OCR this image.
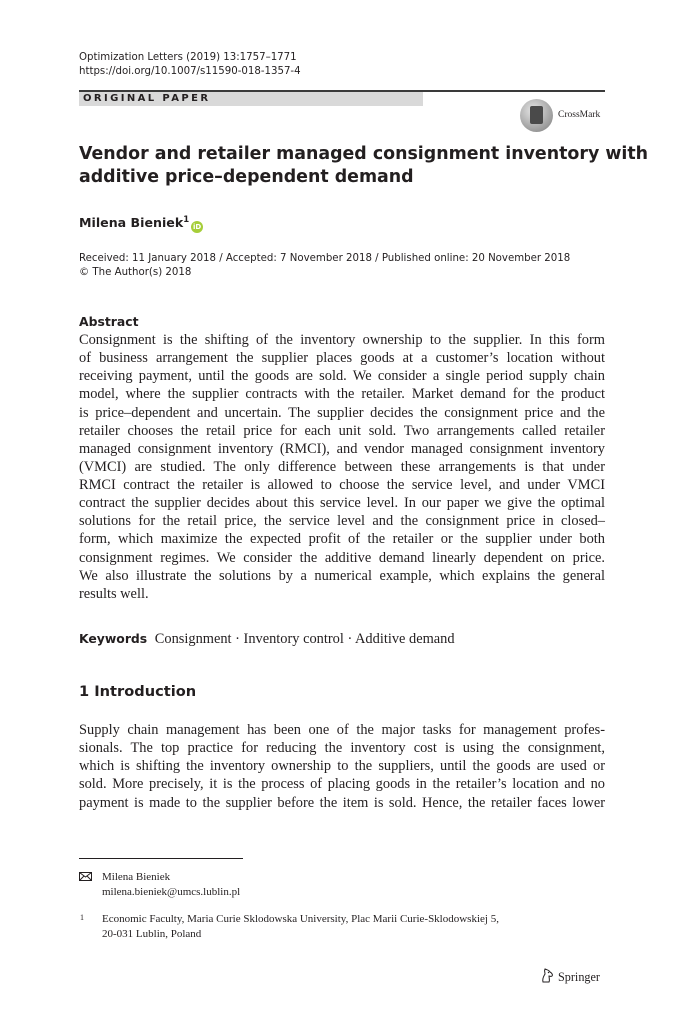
Optimization Letters (2019) 13:1757–1771
https://doi.org/10.1007/s11590-018-1357-4
ORIGINAL PAPER
CrossMark
Vendor and retailer managed consignment inventory with
additive price–dependent demand
Milena Bieniek$^1$iD
Received: 11 January 2018 / Accepted: 7 November 2018 / Published online: 20 November 2018
© The Author(s) 2018
Abstract
Consignment is the shifting of the inventory ownership to the supplier. In this form
of business arrangement the supplier places goods at a customer’s location without
receiving payment, until the goods are sold. We consider a single period supply chain
model, where the supplier contracts with the retailer. Market demand for the product
is price–dependent and uncertain. The supplier decides the consignment price and the
retailer chooses the retail price for each unit sold. Two arrangements called retailer
managed consignment inventory (RMCI), and vendor managed consignment inventory
(VMCI) are studied. The only difference between these arrangements is that under
RMCI contract the retailer is allowed to choose the service level, and under VMCI
contract the supplier decides about this service level. In our paper we give the optimal
solutions for the retail price, the service level and the consignment price in closed–
form, which maximize the expected profit of the retailer or the supplier under both
consignment regimes. We consider the additive demand linearly dependent on price.
We also illustrate the solutions by a numerical example, which explains the general
results well.
Keywords Consignment · Inventory control · Additive demand
1 Introduction
Supply chain management has been one of the major tasks for management profes-
sionals. The top practice for reducing the inventory cost is using the consignment,
which is shifting the inventory ownership to the suppliers, until the goods are used or
sold. More precisely, it is the process of placing goods in the retailer’s location and no
payment is made to the supplier before the item is sold. Hence, the retailer faces lower
Milena Bieniek
milena.bieniek@umcs.lublin.pl
1 Economic Faculty, Maria Curie Sklodowska University, Plac Marii Curie-Sklodowskiej 5,
20-031 Lublin, Poland
Springer
